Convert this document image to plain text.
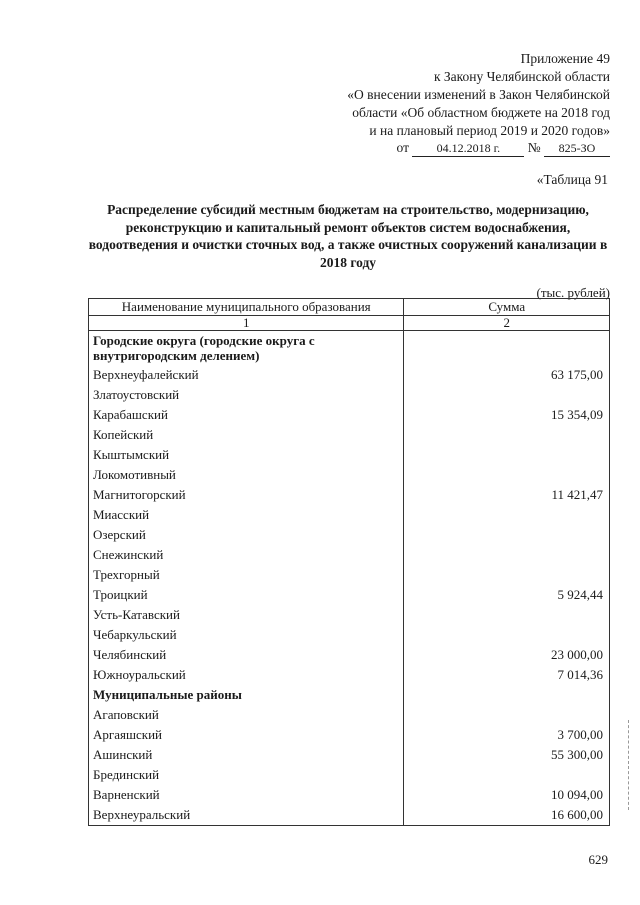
Приложение 49
к Закону Челябинской области
«О внесении изменений в Закон Челябинской
области «Об областном бюджете на 2018 год
и на плановый период 2019 и 2020 годов»
от 04.12.2018 г. № 825-ЗО
«Таблица 91
Распределение субсидий местным бюджетам на строительство, модернизацию, реконструкцию и капитальный ремонт объектов систем водоснабжения, водоотведения и очистки сточных вод, а также очистных сооружений канализации в 2018 году
(тыс. рублей)
Наименование муниципального образования	Сумма
1	2
Городские округа (городские округа с внутригородским делением)	
Верхнеуфалейский	63 175,00
Златоустовский	
Карабашский	15 354,09
Копейский	
Кыштымский	
Локомотивный	
Магнитогорский	11 421,47
Миасский	
Озерский	
Снежинский	
Трехгорный	
Троицкий	5 924,44
Усть-Катавский	
Чебаркульский	
Челябинский	23 000,00
Южноуральский	7 014,36
Муниципальные районы	
Агаповский	
Аргаяшский	3 700,00
Ашинский	55 300,00
Брединский	
Варненский	10 094,00
Верхнеуральский	16 600,00
629
